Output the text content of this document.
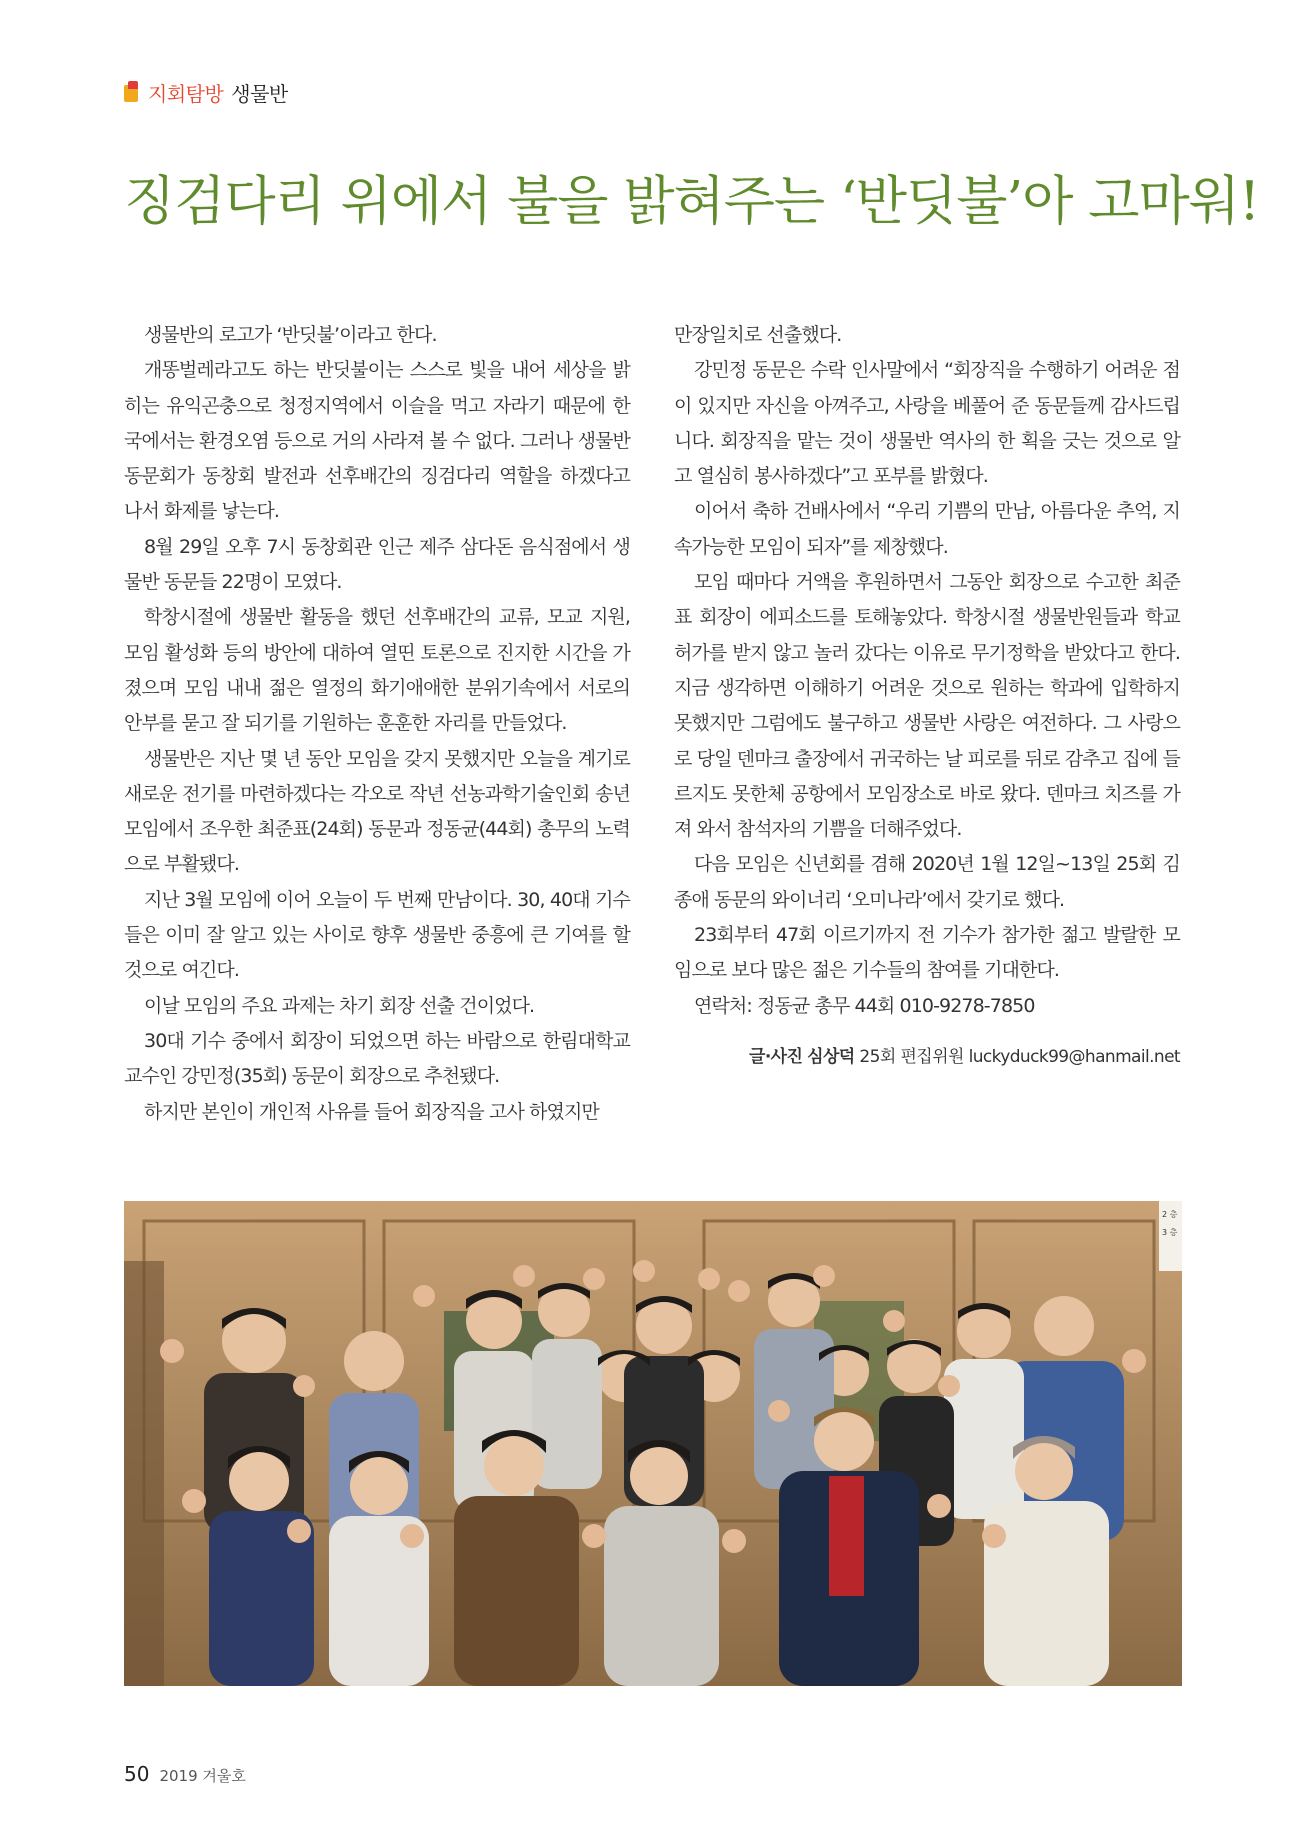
지회탐방 생물반
징검다리 위에서 불을 밝혀주는 ‘반딧불’아 고마워!

생물반의 로고가 ‘반딧불’이라고 한다.

개똥벌레라고도 하는 반딧불이는 스스로 빛을 내어 세상을 밝히는 유익곤충으로 청정지역에서 이슬을 먹고 자라기 때문에 한국에서는 환경오염 등으로 거의 사라져 볼 수 없다. 그러나 생물반 동문회가 동창회 발전과 선후배간의 징검다리 역할을 하겠다고 나서 화제를 낳는다.

8월 29일 오후 7시 동창회관 인근 제주 삼다돈 음식점에서 생물반 동문들 22명이 모였다.

학창시절에 생물반 활동을 했던 선후배간의 교류, 모교 지원, 모임 활성화 등의 방안에 대하여 열띤 토론으로 진지한 시간을 가졌으며 모임 내내 젊은 열정의 화기애애한 분위기속에서 서로의 안부를 묻고 잘 되기를 기원하는 훈훈한 자리를 만들었다.

생물반은 지난 몇 년 동안 모임을 갖지 못했지만 오늘을 계기로 새로운 전기를 마련하겠다는 각오로 작년 선농과학기술인회 송년모임에서 조우한 최준표(24회) 동문과 정동균(44회) 총무의 노력으로 부활됐다.

지난 3월 모임에 이어 오늘이 두 번째 만남이다. 30, 40대 기수들은 이미 잘 알고 있는 사이로 향후 생물반 중흥에 큰 기여를 할 것으로 여긴다.

이날 모임의 주요 과제는 차기 회장 선출 건이었다.

30대 기수 중에서 회장이 되었으면 하는 바람으로 한림대학교 교수인 강민정(35회) 동문이 회장으로 추천됐다.

하지만 본인이 개인적 사유를 들어 회장직을 고사 하였지만

만장일치로 선출했다.

강민정 동문은 수락 인사말에서 “회장직을 수행하기 어려운 점이 있지만 자신을 아껴주고, 사랑을 베풀어 준 동문들께 감사드립니다. 회장직을 맡는 것이 생물반 역사의 한 획을 긋는 것으로 알고 열심히 봉사하겠다”고 포부를 밝혔다.

이어서 축하 건배사에서 “우리 기쁨의 만남, 아름다운 추억, 지속가능한 모임이 되자”를 제창했다.

모임 때마다 거액을 후원하면서 그동안 회장으로 수고한 최준표 회장이 에피소드를 토해놓았다. 학창시절 생물반원들과 학교 허가를 받지 않고 놀러 갔다는 이유로 무기정학을 받았다고 한다. 지금 생각하면 이해하기 어려운 것으로 원하는 학과에 입학하지 못했지만 그럼에도 불구하고 생물반 사랑은 여전하다. 그 사랑으로 당일 덴마크 출장에서 귀국하는 날 피로를 뒤로 감추고 집에 들르지도 못한체 공항에서 모임장소로 바로 왔다. 덴마크 치즈를 가져 와서 참석자의 기쁨을 더해주었다.

다음 모임은 신년회를 겸해 2020년 1월 12일~13일 25회 김종애 동문의 와이너리 ‘오미나라’에서 갖기로 했다.

23회부터 47회 이르기까지 전 기수가 참가한 젊고 발랄한 모임으로 보다 많은 젊은 기수들의 참여를 기대한다.

연락처: 정동균 총무 44회 010-9278-7850

글·사진 심상덕 25회 편집위원 luckyduck99@hanmail.net

2 층 3 층
50 2019 겨울호
